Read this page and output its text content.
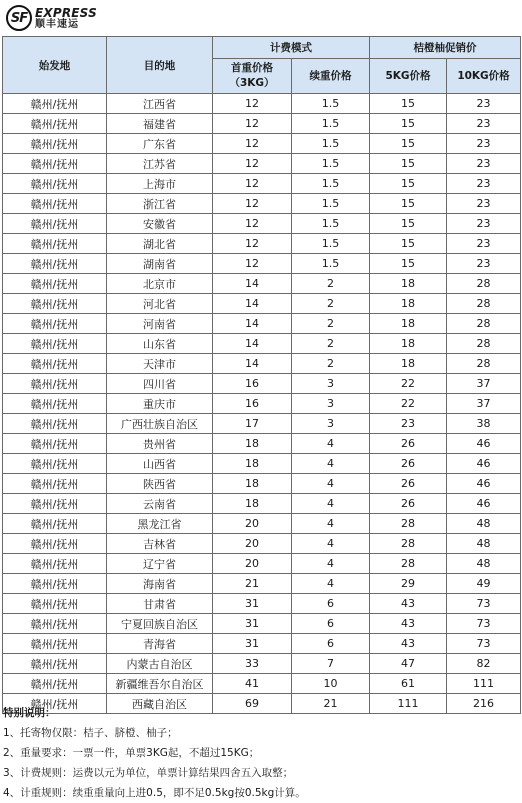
SF EXPRESS
顺丰速运
始发地	目的地	计费模式		桔橙柚促销价	
		首重价格（3KG）	续重价格	5KG价格	10KG价格
赣州/抚州	江西省	12	1.5	15	23
赣州/抚州	福建省	12	1.5	15	23
赣州/抚州	广东省	12	1.5	15	23
赣州/抚州	江苏省	12	1.5	15	23
赣州/抚州	上海市	12	1.5	15	23
赣州/抚州	浙江省	12	1.5	15	23
赣州/抚州	安徽省	12	1.5	15	23
赣州/抚州	湖北省	12	1.5	15	23
赣州/抚州	湖南省	12	1.5	15	23
赣州/抚州	北京市	14	2	18	28
赣州/抚州	河北省	14	2	18	28
赣州/抚州	河南省	14	2	18	28
赣州/抚州	山东省	14	2	18	28
赣州/抚州	天津市	14	2	18	28
赣州/抚州	四川省	16	3	22	37
赣州/抚州	重庆市	16	3	22	37
赣州/抚州	广西壮族自治区	17	3	23	38
赣州/抚州	贵州省	18	4	26	46
赣州/抚州	山西省	18	4	26	46
赣州/抚州	陕西省	18	4	26	46
赣州/抚州	云南省	18	4	26	46
赣州/抚州	黑龙江省	20	4	28	48
赣州/抚州	吉林省	20	4	28	48
赣州/抚州	辽宁省	20	4	28	48
赣州/抚州	海南省	21	4	29	49
赣州/抚州	甘肃省	31	6	43	73
赣州/抚州	宁夏回族自治区	31	6	43	73
赣州/抚州	青海省	31	6	43	73
赣州/抚州	内蒙古自治区	33	7	47	82
赣州/抚州	新疆维吾尔自治区	41	10	61	111
赣州/抚州	西藏自治区	69	21	111	216
特别说明：
1、托寄物仅限：桔子、脐橙、柚子；
2、重量要求：一票一件，单票3KG起，不超过15KG；
3、计费规则：运费以元为单位，单票计算结果四舍五入取整；
4、计重规则：续重重量向上进0.5，即不足0.5kg按0.5kg计算。
